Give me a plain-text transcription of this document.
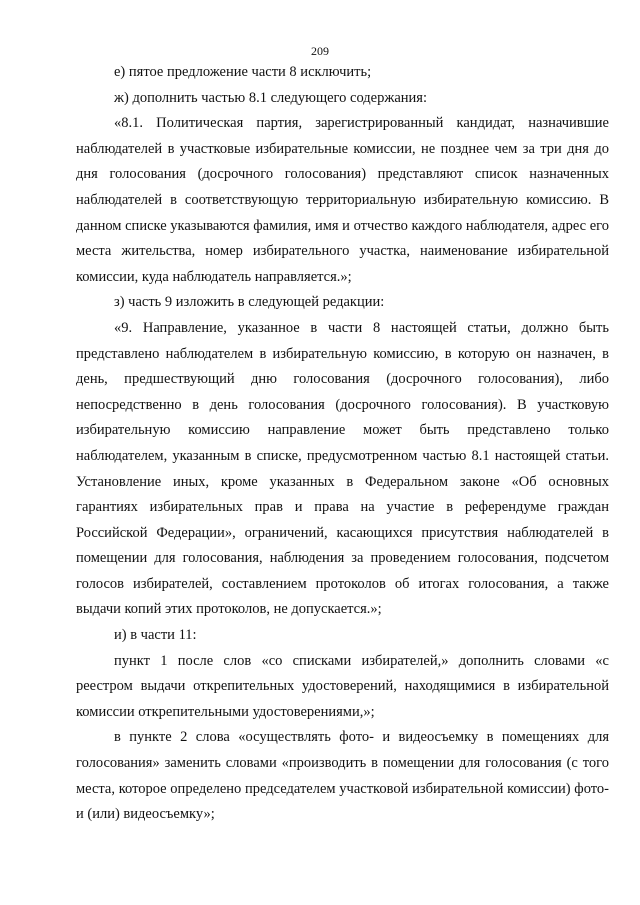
209

е) пятое предложение части 8 исключить;

ж) дополнить частью 8.1 следующего содержания:

«8.1. Политическая партия, зарегистрированный кандидат, назначившие наблюдателей в участковые избирательные комиссии, не позднее чем за три дня до дня голосования (досрочного голосования) представляют список назначенных наблюдателей в соответствующую территориальную избирательную комиссию. В данном списке указываются фамилия, имя и отчество каждого наблюдателя, адрес его места жительства, номер избирательного участка, наименование избирательной комиссии, куда наблюдатель направляется.»;

з) часть 9 изложить в следующей редакции:

«9. Направление, указанное в части 8 настоящей статьи, должно быть представлено наблюдателем в избирательную комиссию, в которую он назначен, в день, предшествующий дню голосования (досрочного голосования), либо непосредственно в день голосования (досрочного голосования). В участковую избирательную комиссию направление может быть представлено только наблюдателем, указанным в списке, предусмотренном частью 8.1 настоящей статьи. Установление иных, кроме указанных в Федеральном законе «Об основных гарантиях избирательных прав и права на участие в референдуме граждан Российской Федерации», ограничений, касающихся присутствия наблюдателей в помещении для голосования, наблюдения за проведением голосования, подсчетом голосов избирателей, составлением протоколов об итогах голосования, а также выдачи копий этих протоколов, не допускается.»;

и) в части 11:

пункт 1 после слов «со списками избирателей,» дополнить словами «с реестром выдачи открепительных удостоверений, находящимися в избирательной комиссии открепительными удостоверениями,»;

в пункте 2 слова «осуществлять фото- и видеосъемку в помещениях для голосования» заменить словами «производить в помещении для голосования (с того места, которое определено председателем участковой избирательной комиссии) фото- и (или) видеосъемку»;
